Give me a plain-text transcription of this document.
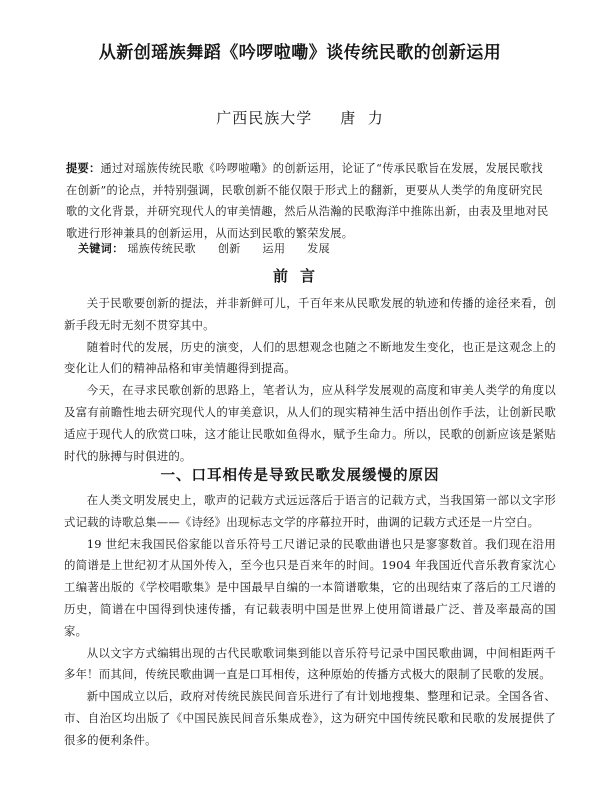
从新创瑶族舞蹈《吟啰啦嘞》谈传统民歌的创新运用
广西民族大学 唐  力
提要：通过对瑶族传统民歌《吟啰啦嘞》的创新运用，论证了“传承民歌旨在发展，发展民歌找在创新”的论点，并特别强调，民歌创新不能仅限于形式上的翻新，更要从人类学的角度研究民歌的文化背景，并研究现代人的审美情趣，然后从浩瀚的民歌海洋中推陈出新，由表及里地对民歌进行形神兼具的创新运用，从而达到民歌的繁荣发展。
关键词： 瑶族传统民歌 创新 运用 发展
前言

关于民歌要创新的提法，并非新鲜可儿，千百年来从民歌发展的轨迹和传播的途径来看，创新手段无时无刻不贯穿其中。

随着时代的发展，历史的演变，人们的思想观念也随之不断地发生变化，也正是这观念上的变化让人们的精神品格和审美情趣得到提高。

今天，在寻求民歌创新的思路上，笔者认为，应从科学发展观的高度和审美人类学的角度以及富有前瞻性地去研究现代人的审美意识，从人们的现实精神生活中捂出创作手法，让创新民歌适应于现代人的欣赏口味，这才能让民歌如鱼得水，赋予生命力。所以，民歌的创新应该是紧贴时代的脉搏与时俱进的。

一、口耳相传是导致民歌发展缓慢的原因

在人类文明发展史上，歌声的记载方式远远落后于语言的记载方式，当我国第一部以文字形式记载的诗歌总集——《诗经》出现标志文学的序幕拉开时，曲调的记载方式还是一片空白。

19 世纪末我国民俗家能以音乐符号工尺谱记录的民歌曲谱也只是寥寥数首。我们现在沿用的简谱是上世纪初才从国外传入，至今也只是百来年的时间。1904 年我国近代音乐教育家沈心工编著出版的《学校唱歌集》是中国最早自编的一本简谱歌集，它的出现结束了落后的工尺谱的历史，简谱在中国得到快速传播，有记载表明中国是世界上使用简谱最广泛、普及率最高的国家。

从以文字方式编辑出现的古代民歌歌词集到能以音乐符号记录中国民歌曲调，中间相距两千多年！而其间，传统民歌曲调一直是口耳相传，这种原始的传播方式极大的限制了民歌的发展。

新中国成立以后，政府对传统民族民间音乐进行了有计划地搜集、整理和记录。全国各省、市、自治区均出版了《中国民族民间音乐集成卷》，这为研究中国传统民歌和民歌的发展提供了很多的便利条件。
